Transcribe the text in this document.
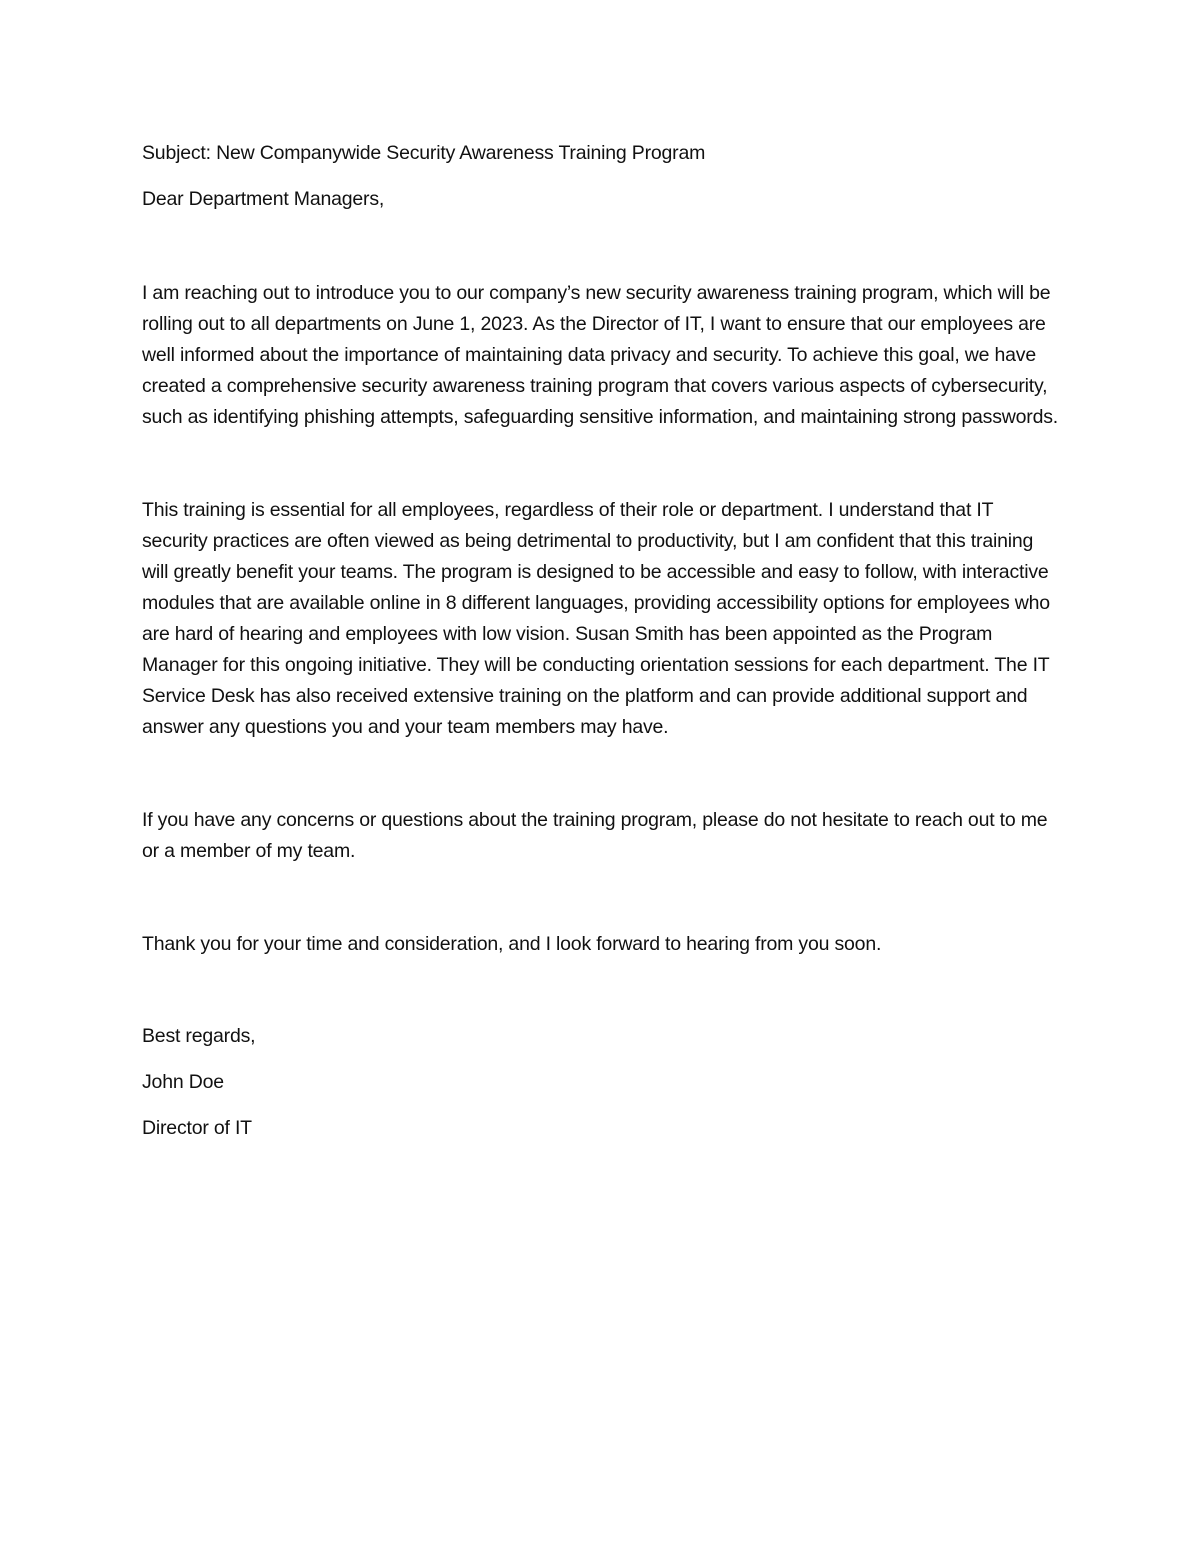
Subject: New Companywide Security Awareness Training Program

Dear Department Managers,

I am reaching out to introduce you to our company’s new security awareness training program, which will be rolling out to all departments on June 1, 2023. As the Director of IT, I want to ensure that our employees are well informed about the importance of maintaining data privacy and security. To achieve this goal, we have created a comprehensive security awareness training program that covers various aspects of cybersecurity, such as identifying phishing attempts, safeguarding sensitive information, and maintaining strong passwords.

This training is essential for all employees, regardless of their role or department. I understand that IT security practices are often viewed as being detrimental to productivity, but I am confident that this training will greatly benefit your teams. The program is designed to be accessible and easy to follow, with interactive modules that are available online in 8 different languages, providing accessibility options for employees who are hard of hearing and employees with low vision. Susan Smith has been appointed as the Program Manager for this ongoing initiative. They will be conducting orientation sessions for each department. The IT Service Desk has also received extensive training on the platform and can provide additional support and answer any questions you and your team members may have.

If you have any concerns or questions about the training program, please do not hesitate to reach out to me or a member of my team.

Thank you for your time and consideration, and I look forward to hearing from you soon.

Best regards,

John Doe

Director of IT
